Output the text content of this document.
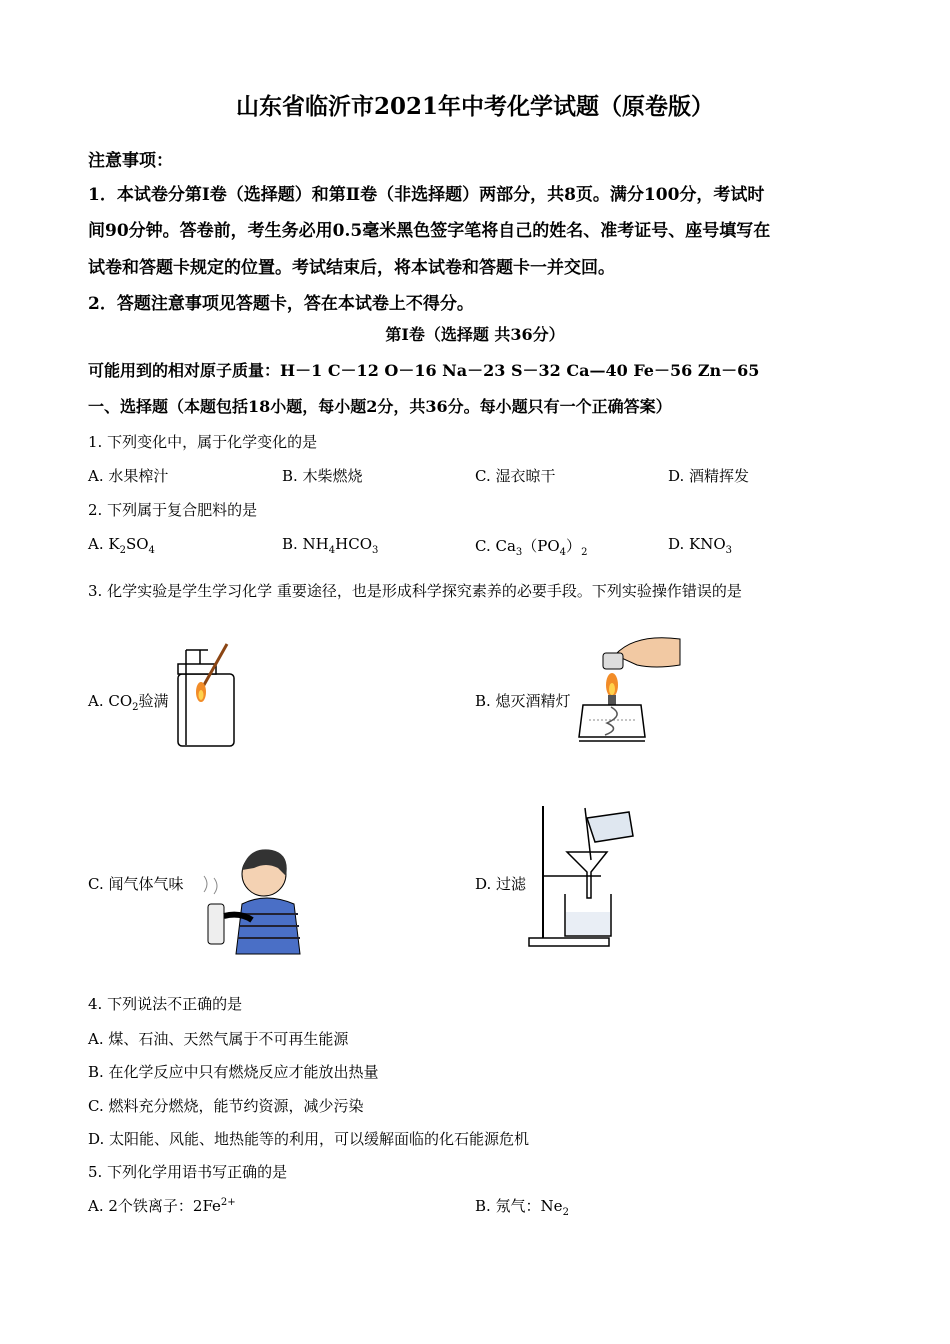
山东省临沂市2021年中考化学试题（原卷版）
注意事项：
1．本试卷分第Ⅰ卷（选择题）和第Ⅱ卷（非选择题）两部分，共8页。满分100分，考试时
间90分钟。答卷前，考生务必用0.5毫米黑色签字笔将自己的姓名、准考证号、座号填写在
试卷和答题卡规定的位置。考试结束后，将本试卷和答题卡一并交回。
2．答题注意事项见答题卡，答在本试卷上不得分。
第Ⅰ卷（选择题 共36分）
可能用到的相对原子质量：H－1 C－12 O－16 Na－23 S－32 Ca—40 Fe－56 Zn－65
一、选择题（本题包括18小题，每小题2分，共36分。每小题只有一个正确答案）
1. 下列变化中，属于化学变化的是
A. 水果榨汁	B. 木柴燃烧	C. 湿衣晾干	D. 酒精挥发
2. 下列属于复合肥料的是
A. $K_2SO_4$	B. $NH_4HCO_3$	C. $Ca_3(PO_4)_2$	D. $KNO_3$
3. 化学实验是学生学习化学 重要途径，也是形成科学探究素养的必要手段。下列实验操作错误的是
A. $CO_2$验满	B. 熄灭酒精灯
C. 闻气体气味	D. 过滤
4. 下列说法不正确的是
A. 煤、石油、天然气属于不可再生能源
B. 在化学反应中只有燃烧反应才能放出热量
C. 燃料充分燃烧，能节约资源，减少污染
D. 太阳能、风能、地热能等的利用，可以缓解面临的化石能源危机
5. 下列化学用语书写正确的是
A. 2个铁离子：$2Fe^{2+}$	B. 氖气：$Ne_2$
